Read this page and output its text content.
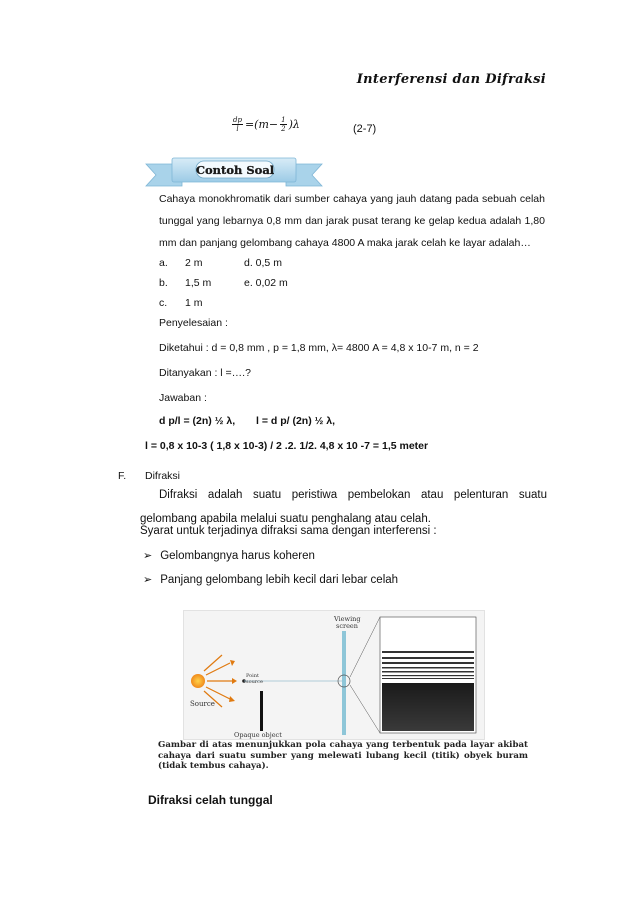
Interferensi dan Difraksi
$\frac{dp}{l} =(m- \frac{1}{2} )\lambda$	(2-7)
Contoh Soal
Cahaya monokhromatik dari sumber cahaya yang jauh datang pada sebuah celah tunggal yang lebarnya 0,8 mm dan jarak pusat terang ke gelap kedua adalah 1,80 mm dan panjang gelombang cahaya 4800 A maka jarak celah ke layar adalah…
a. 2 m	d. 0,5 m
b. 1,5 m	e. 0,02 m
c. 1 m
Penyelesaian :
Diketahui : d = 0,8 mm , p = 1,8 mm, λ= 4800 A = 4,8 x 10-7 m, n = 2
Ditanyakan : l =….?
Jawaban :
d p/l = (2n) ½ λ, l = d p/ (2n) ½ λ,
l = 0,8 x 10-3 ( 1,8 x 10-3) / 2 .2. 1/2. 4,8 x 10 -7 = 1,5 meter
F. Difraksi
Difraksi adalah suatu peristiwa pembelokan atau pelenturan suatu gelombang apabila melalui suatu penghalang atau celah.
Syarat untuk terjadinya difraksi sama dengan interferensi :
➢ Gelombangnya harus koheren
➢ Panjang gelombang lebih kecil dari lebar celah
Point
source
Source
Opaque object
Viewing
screen
Gambar di atas menunjukkan pola cahaya yang terbentuk pada layar akibat cahaya dari suatu sumber yang melewati lubang kecil (titik) obyek buram (tidak tembus cahaya).
Difraksi celah tunggal
